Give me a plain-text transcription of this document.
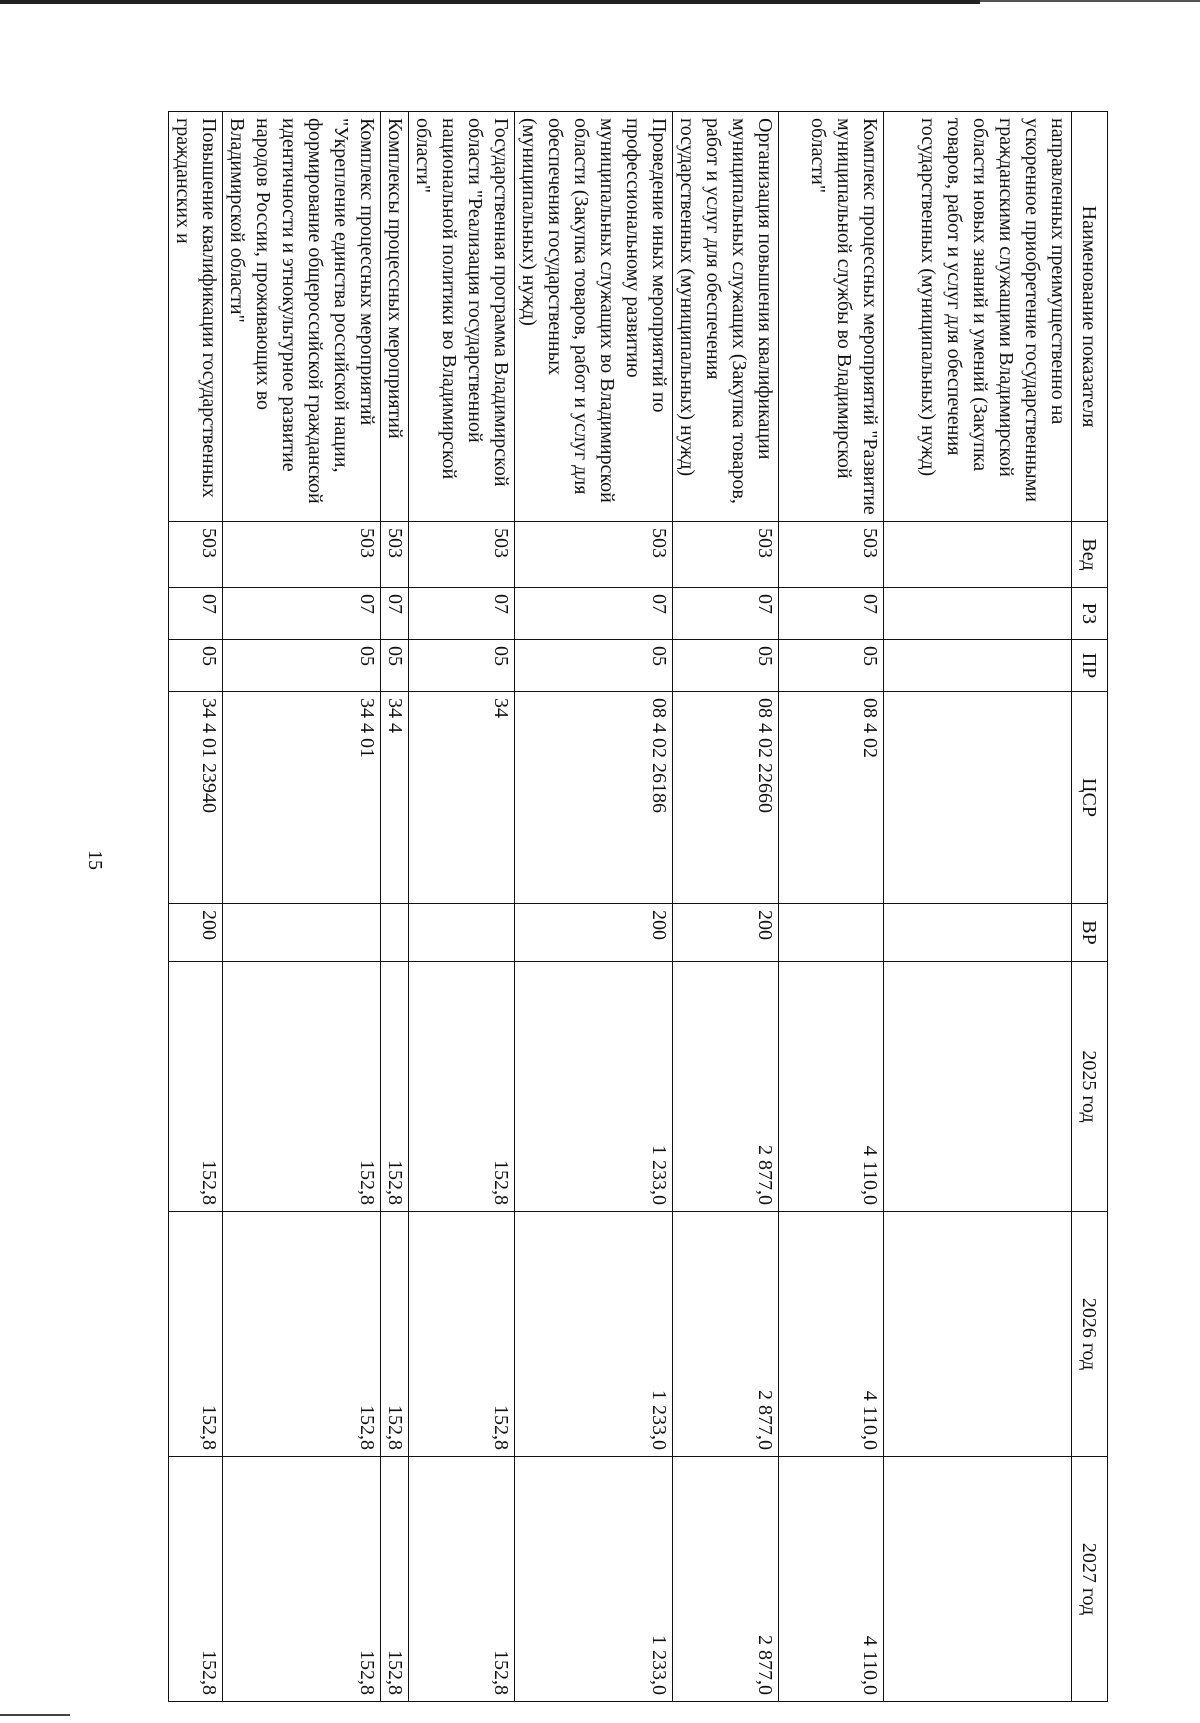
15
Наименование показателя	Вед	РЗ	ПР	ЦСР	ВР	2025 год	2026 год	2027 год
направленных преимущественно на ускоренное приобретение государственными гражданскими служащими Владимирской области новых знаний и умений (Закупка товаров, работ и услуг для обеспечения государственных (муниципальных) нужд)								
Комплекс процессных мероприятий "Развитие муниципальной службы во Владимирской области"	503	07	05	08 4 02		4 110,0	4 110,0	4 110,0
Организация повышения квалификации муниципальных служащих (Закупка товаров, работ и услуг для обеспечения государственных (муниципальных) нужд)	503	07	05	08 4 02 22660	200	2 877,0	2 877,0	2 877,0
Проведение иных мероприятий по профессиональному развитию муниципальных служащих во Владимирской области (Закупка товаров, работ и услуг для обеспечения государственных (муниципальных) нужд)	503	07	05	08 4 02 26186	200	1 233,0	1 233,0	1 233,0
Государственная программа Владимирской области "Реализация государственной национальной политики во Владимирской области"	503	07	05	34		152,8	152,8	152,8
Комплексы процессных мероприятий	503	07	05	34 4		152,8	152,8	152,8
Комплекс процессных мероприятий "Укрепление единства российской нации, формирование общероссийской гражданской идентичности и этнокультурное развитие народов России, проживающих во Владимирской области"	503	07	05	34 4 01		152,8	152,8	152,8
Повышение квалификации государственных гражданских и	503	07	05	34 4 01 23940	200	152,8	152,8	152,8
